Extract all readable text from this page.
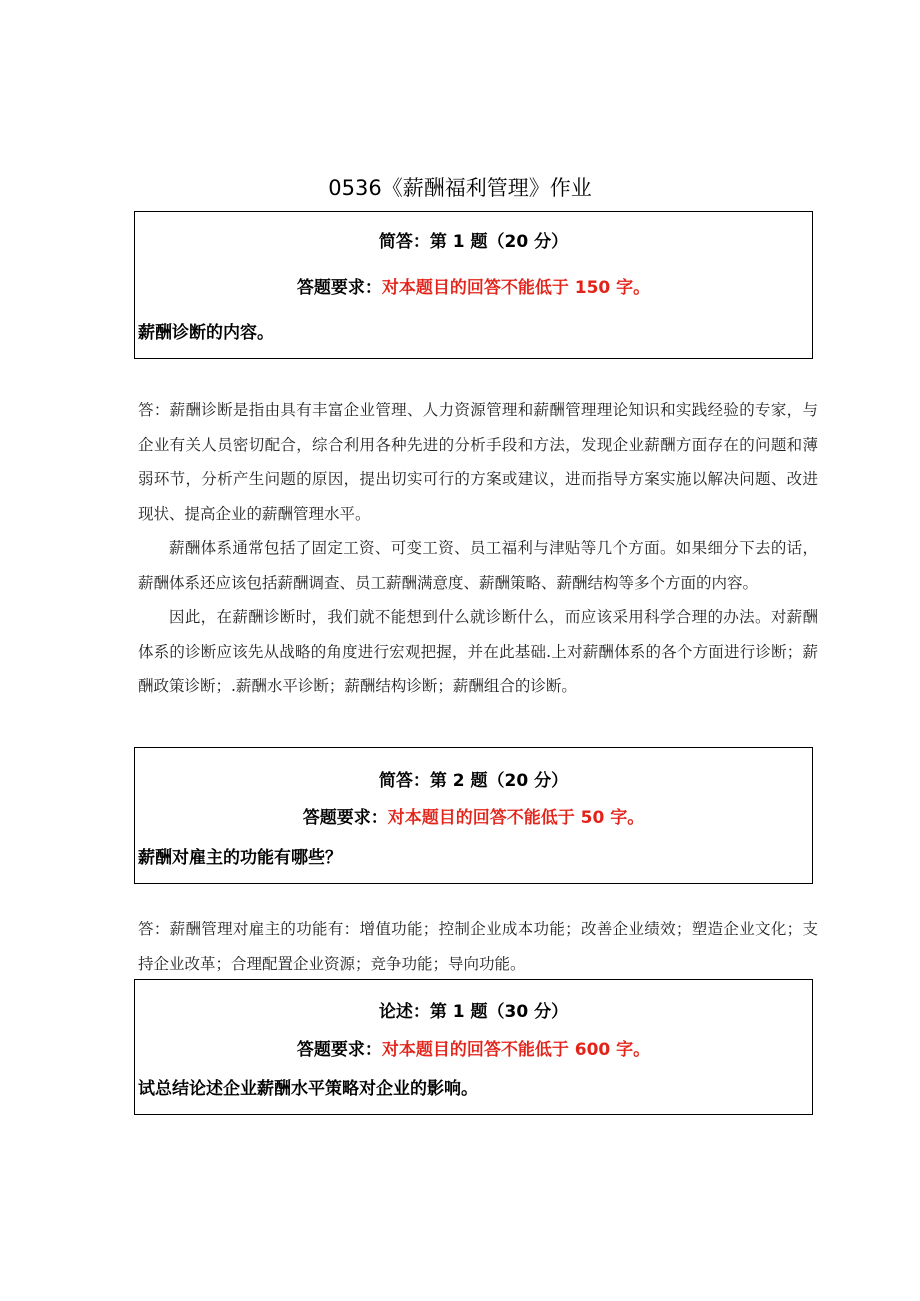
0536《薪酬福利管理》作业
简答：第 1 题（20 分）
答题要求：对本题目的回答不能低于 150 字。
薪酬诊断的内容。

答：薪酬诊断是指由具有丰富企业管理、人力资源管理和薪酬管理理论知识和实践经验的专家，与企业有关人员密切配合，综合利用各种先进的分析手段和方法，发现企业薪酬方面存在的问题和薄弱环节，分析产生问题的原因，提出切实可行的方案或建议，进而指导方案实施以解决问题、改进现状、提高企业的薪酬管理水平。

薪酬体系通常包括了固定工资、可变工资、员工福利与津贴等几个方面。如果细分下去的话，薪酬体系还应该包括薪酬调查、员工薪酬满意度、薪酬策略、薪酬结构等多个方面的内容。

因此，在薪酬诊断时，我们就不能想到什么就诊断什么，而应该采用科学合理的办法。对薪酬体系的诊断应该先从战略的角度进行宏观把握，并在此基础.上对薪酬体系的各个方面进行诊断；薪酬政策诊断；.薪酬水平诊断；薪酬结构诊断；薪酬组合的诊断。

简答：第 2 题（20 分）
答题要求：对本题目的回答不能低于 50 字。
薪酬对雇主的功能有哪些？

答：薪酬管理对雇主的功能有：增值功能；控制企业成本功能；改善企业绩效；塑造企业文化；支持企业改革；合理配置企业资源；竞争功能；导向功能。

论述：第 1 题（30 分）
答题要求：对本题目的回答不能低于 600 字。
试总结论述企业薪酬水平策略对企业的影响。
